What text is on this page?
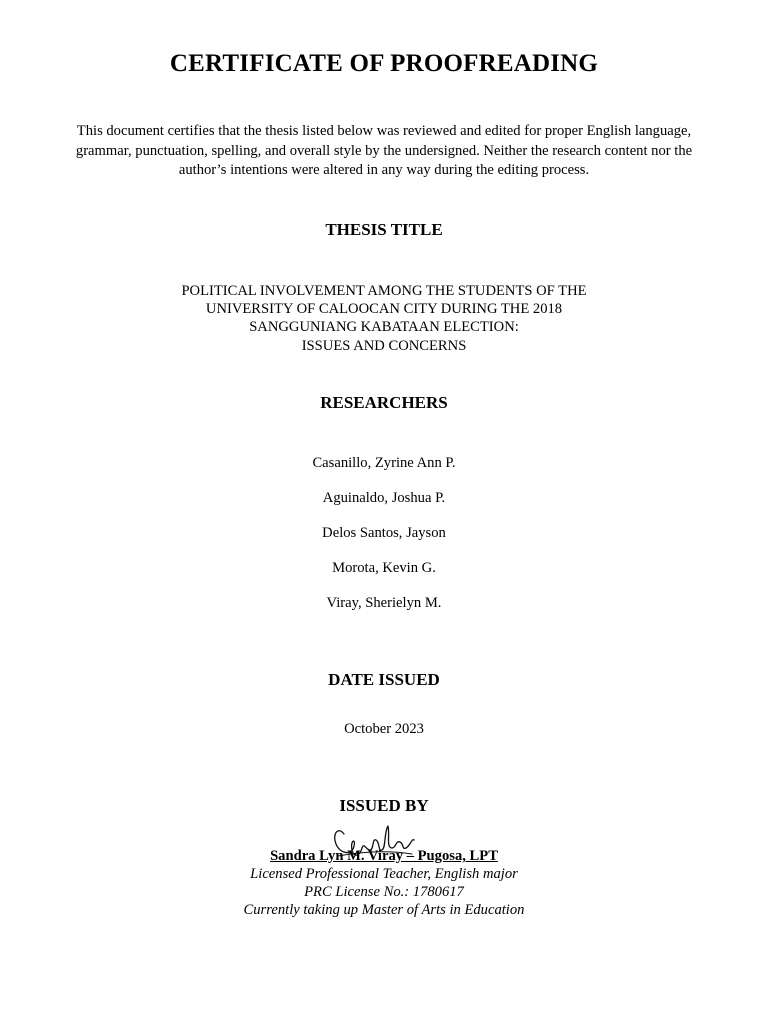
CERTIFICATE OF PROOFREADING

This document certifies that the thesis listed below was reviewed and edited for proper English language, grammar, punctuation, spelling, and overall style by the undersigned. Neither the research content nor the author’s intentions were altered in any way during the editing process.

THESIS TITLE
POLITICAL INVOLVEMENT AMONG THE STUDENTS OF THE
UNIVERSITY OF CALOOCAN CITY DURING THE 2018
SANGGUNIANG KABATAAN ELECTION:
ISSUES AND CONCERNS
RESEARCHERS
Casanillo, Zyrine Ann P.
Aguinaldo, Joshua P.
Delos Santos, Jayson
Morota, Kevin G.
Viray, Sherielyn M.
DATE ISSUED
October 2023
ISSUED BY
Sandra Lyn M. Viray – Pugosa, LPT
Licensed Professional Teacher, English major
PRC License No.: 1780617
Currently taking up Master of Arts in Education
